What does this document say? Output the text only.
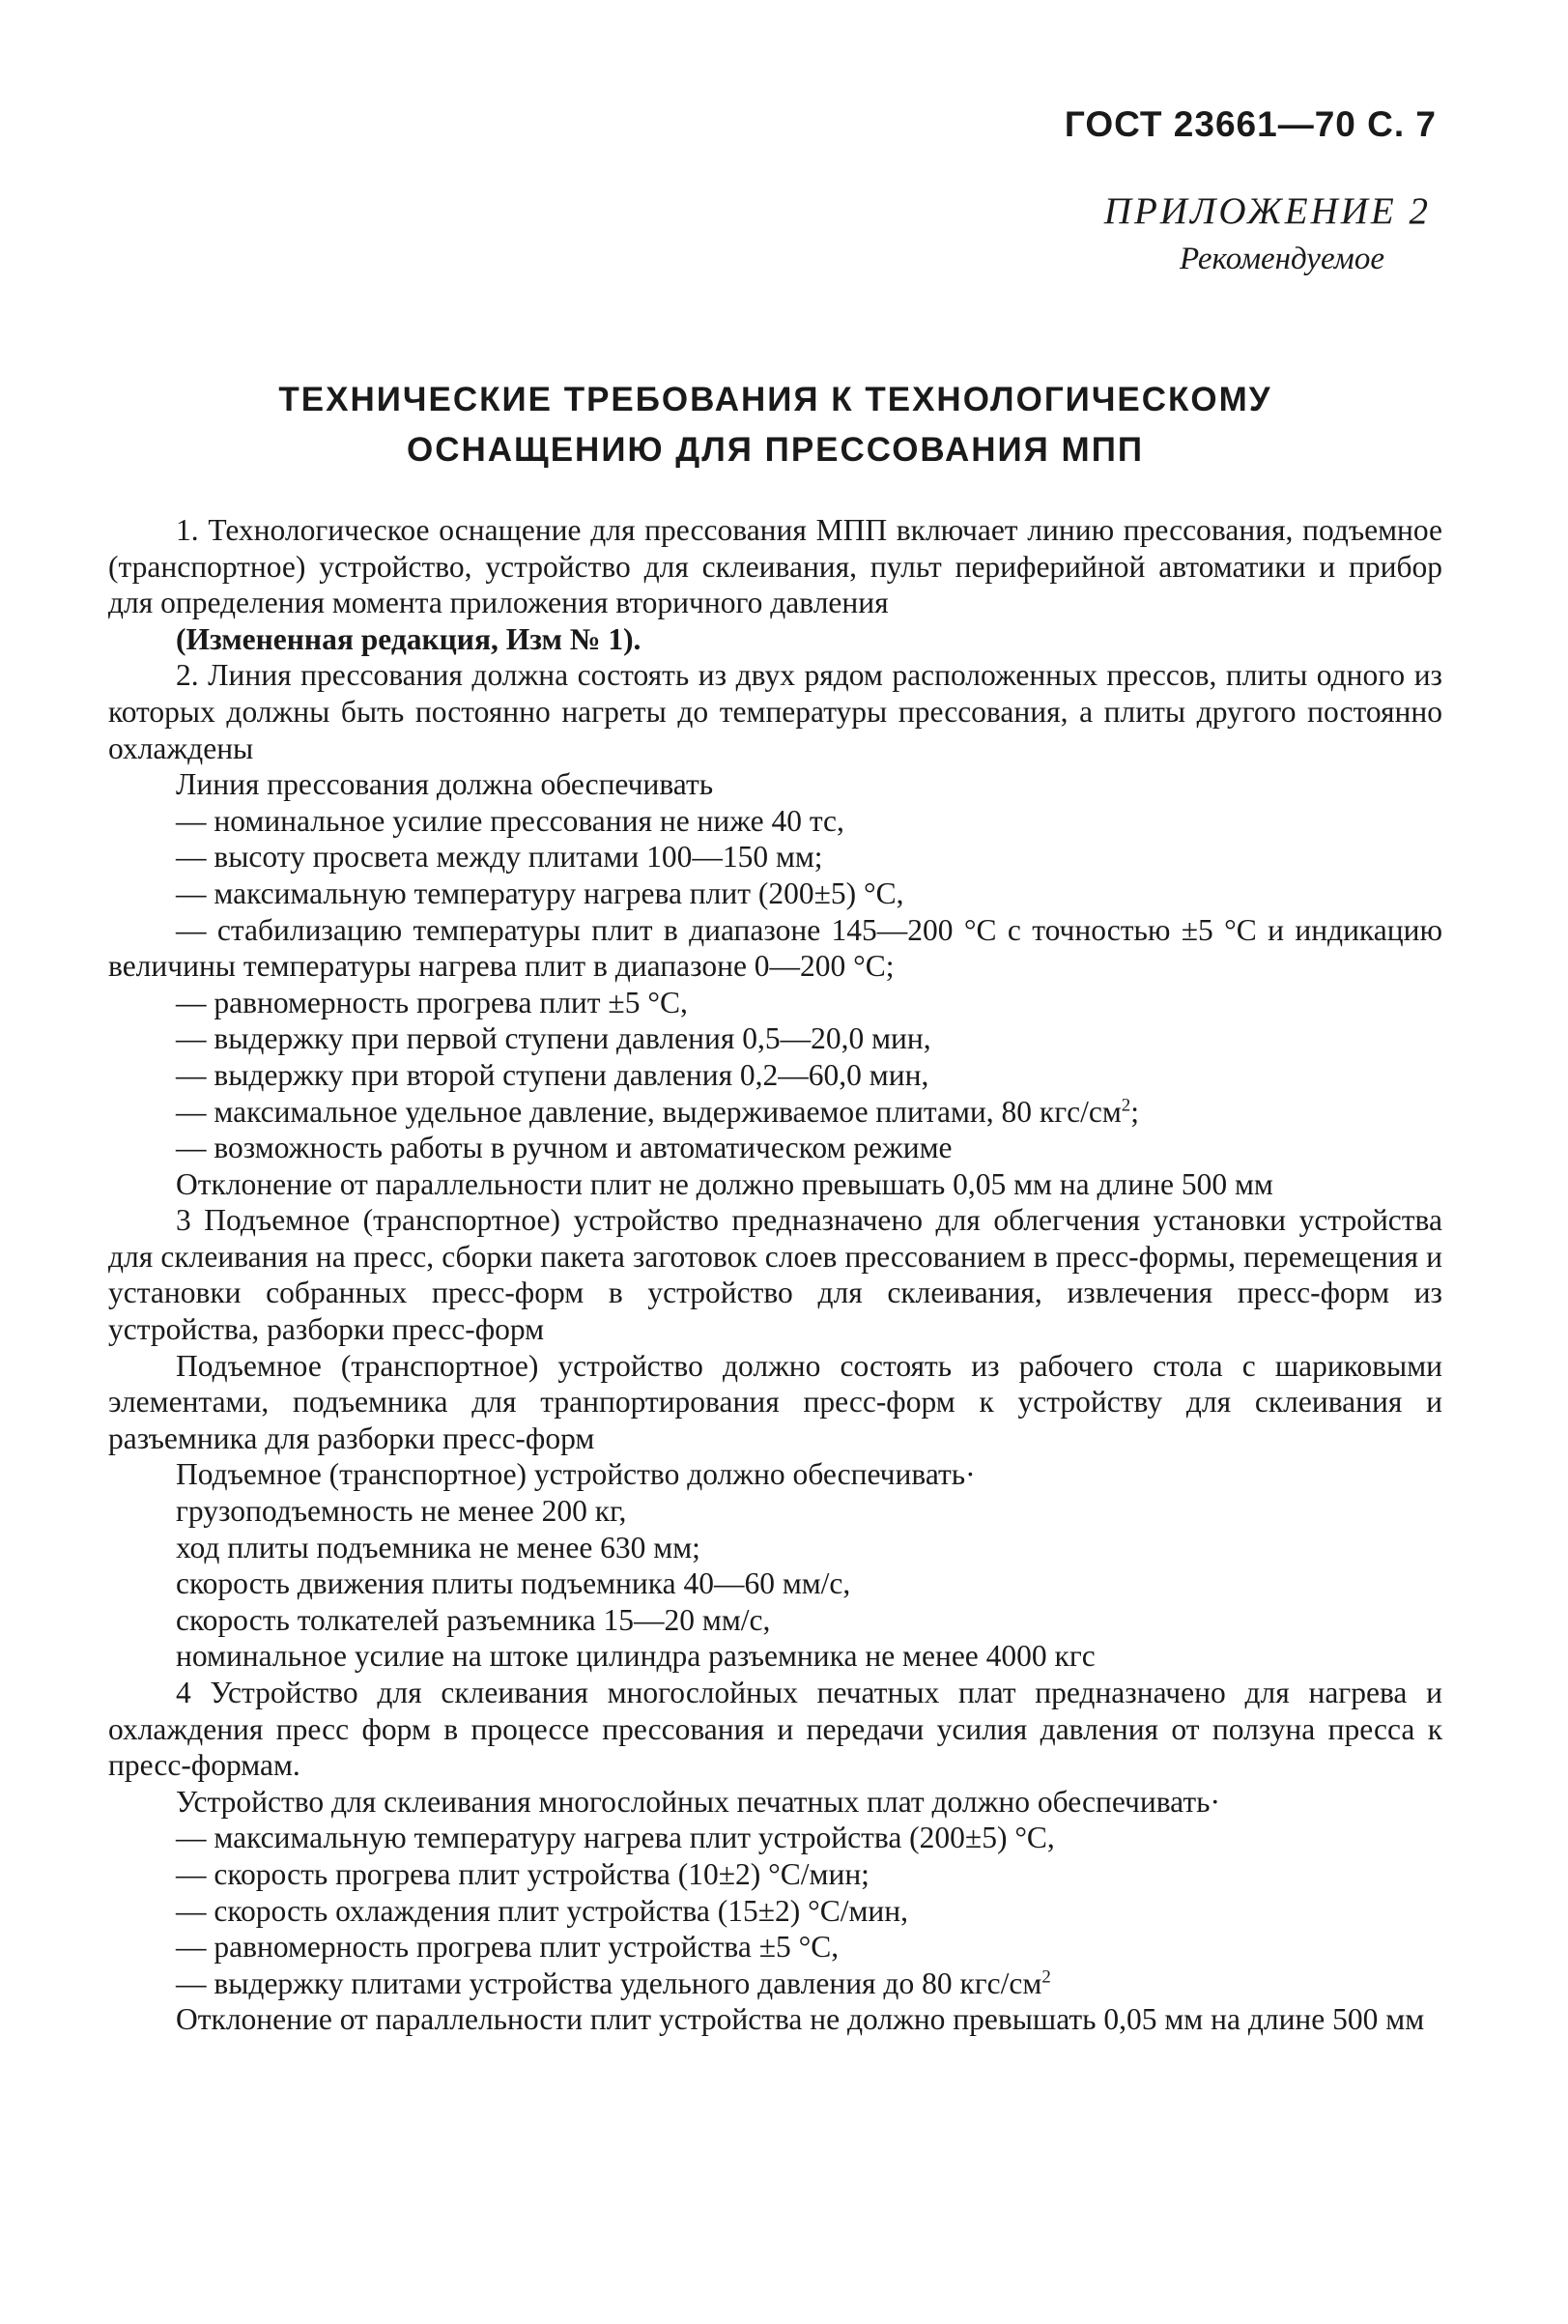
ГОСТ 23661—70 С. 7
ПРИЛОЖЕНИЕ 2
Рекомендуемое
ТЕХНИЧЕСКИЕ ТРЕБОВАНИЯ К ТЕХНОЛОГИЧЕСКОМУ
ОСНАЩЕНИЮ ДЛЯ ПРЕССОВАНИЯ МПП

1. Технологическое оснащение для прессования МПП включает линию прессования, подъемное (транспортное) устройство, устройство для склеивания, пульт периферийной автоматики и прибор для определения момента приложения вторичного давления

(Измененная редакция, Изм № 1).

2. Линия прессования должна состоять из двух рядом расположенных прессов, плиты одного из которых должны быть постоянно нагреты до температуры прессования, а плиты другого постоянно охлаждены

Линия прессования должна обеспечивать

— номинальное усилие прессования не ниже 40 тс,

— высоту просвета между плитами 100—150 мм;

— максимальную температуру нагрева плит (200±5) °С,

— стабилизацию температуры плит в диапазоне 145—200 °С с точностью ±5 °С и индикацию величины температуры нагрева плит в диапазоне 0—200 °С;

— равномерность прогрева плит ±5 °С,

— выдержку при первой ступени давления 0,5—20,0 мин,

— выдержку при второй ступени давления 0,2—60,0 мин,

— максимальное удельное давление, выдерживаемое плитами, 80 кгс/$см^2$;

— возможность работы в ручном и автоматическом режиме

Отклонение от параллельности плит не должно превышать 0,05 мм на длине 500 мм

3 Подъемное (транспортное) устройство предназначено для облегчения установки устройства для склеивания на пресс, сборки пакета заготовок слоев прессованием в пресс-формы, перемещения и установки собранных пресс-форм в устройство для склеивания, извлечения пресс-форм из устройства, разборки пресс-форм

Подъемное (транспортное) устройство должно состоять из рабочего стола с шариковыми элементами, подъемника для транпортирования пресс-форм к устройству для склеивания и разъемника для разборки пресс-форм

Подъемное (транспортное) устройство должно обеспечивать·

грузоподъемность не менее 200 кг,

ход плиты подъемника не менее 630 мм;

скорость движения плиты подъемника 40—60 мм/с,

скорость толкателей разъемника 15—20 мм/с,

номинальное усилие на штоке цилиндра разъемника не менее 4000 кгс

4 Устройство для склеивания многослойных печатных плат предназначено для нагрева и охлаждения пресс форм в процессе прессования и передачи усилия давления от ползуна пресса к пресс-формам.

Устройство для склеивания многослойных печатных плат должно обеспечивать·

— максимальную температуру нагрева плит устройства (200±5) °С,

— скорость прогрева плит устройства (10±2) °С/мин;

— скорость охлаждения плит устройства (15±2) °С/мин,

— равномерность прогрева плит устройства ±5 °С,

— выдержку плитами устройства удельного давления до 80 кгс/$см^2$

Отклонение от параллельности плит устройства не должно превышать 0,05 мм на длине 500 мм
